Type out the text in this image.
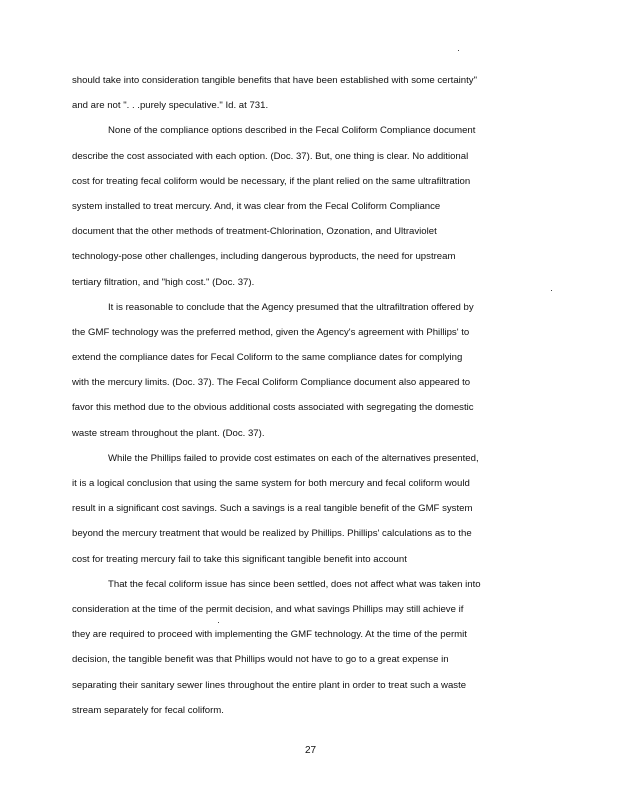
should take into consideration tangible benefits that have been established with some certainty"
and are not ". . .purely speculative." Id. at 731.
None of the compliance options described in the Fecal Coliform Compliance document
describe the cost associated with each option. (Doc. 37). But, one thing is clear. No additional
cost for treating fecal coliform would be necessary, if the plant relied on the same ultrafiltration
system installed to treat mercury. And, it was clear from the Fecal Coliform Compliance
document that the other methods of treatment-Chlorination, Ozonation, and Ultraviolet
technology-pose other challenges, including dangerous byproducts, the need for upstream
tertiary filtration, and "high cost." (Doc. 37).
It is reasonable to conclude that the Agency presumed that the ultrafiltration offered by
the GMF technology was the preferred method, given the Agency's agreement with Phillips' to
extend the compliance dates for Fecal Coliform to the same compliance dates for complying
with the mercury limits. (Doc. 37). The Fecal Coliform Compliance document also appeared to
favor this method due to the obvious additional costs associated with segregating the domestic
waste stream throughout the plant. (Doc. 37).
While the Phillips failed to provide cost estimates on each of the alternatives presented,
it is a logical conclusion that using the same system for both mercury and fecal coliform would
result in a significant cost savings. Such a savings is a real tangible benefit of the GMF system
beyond the mercury treatment that would be realized by Phillips. Phillips' calculations as to the
cost for treating mercury fail to take this significant tangible benefit into account
That the fecal coliform issue has since been settled, does not affect what was taken into
consideration at the time of the permit decision, and what savings Phillips may still achieve if
they are required to proceed with implementing the GMF technology. At the time of the permit
decision, the tangible benefit was that Phillips would not have to go to a great expense in
separating their sanitary sewer lines throughout the entire plant in order to treat such a waste
stream separately for fecal coliform.
27
